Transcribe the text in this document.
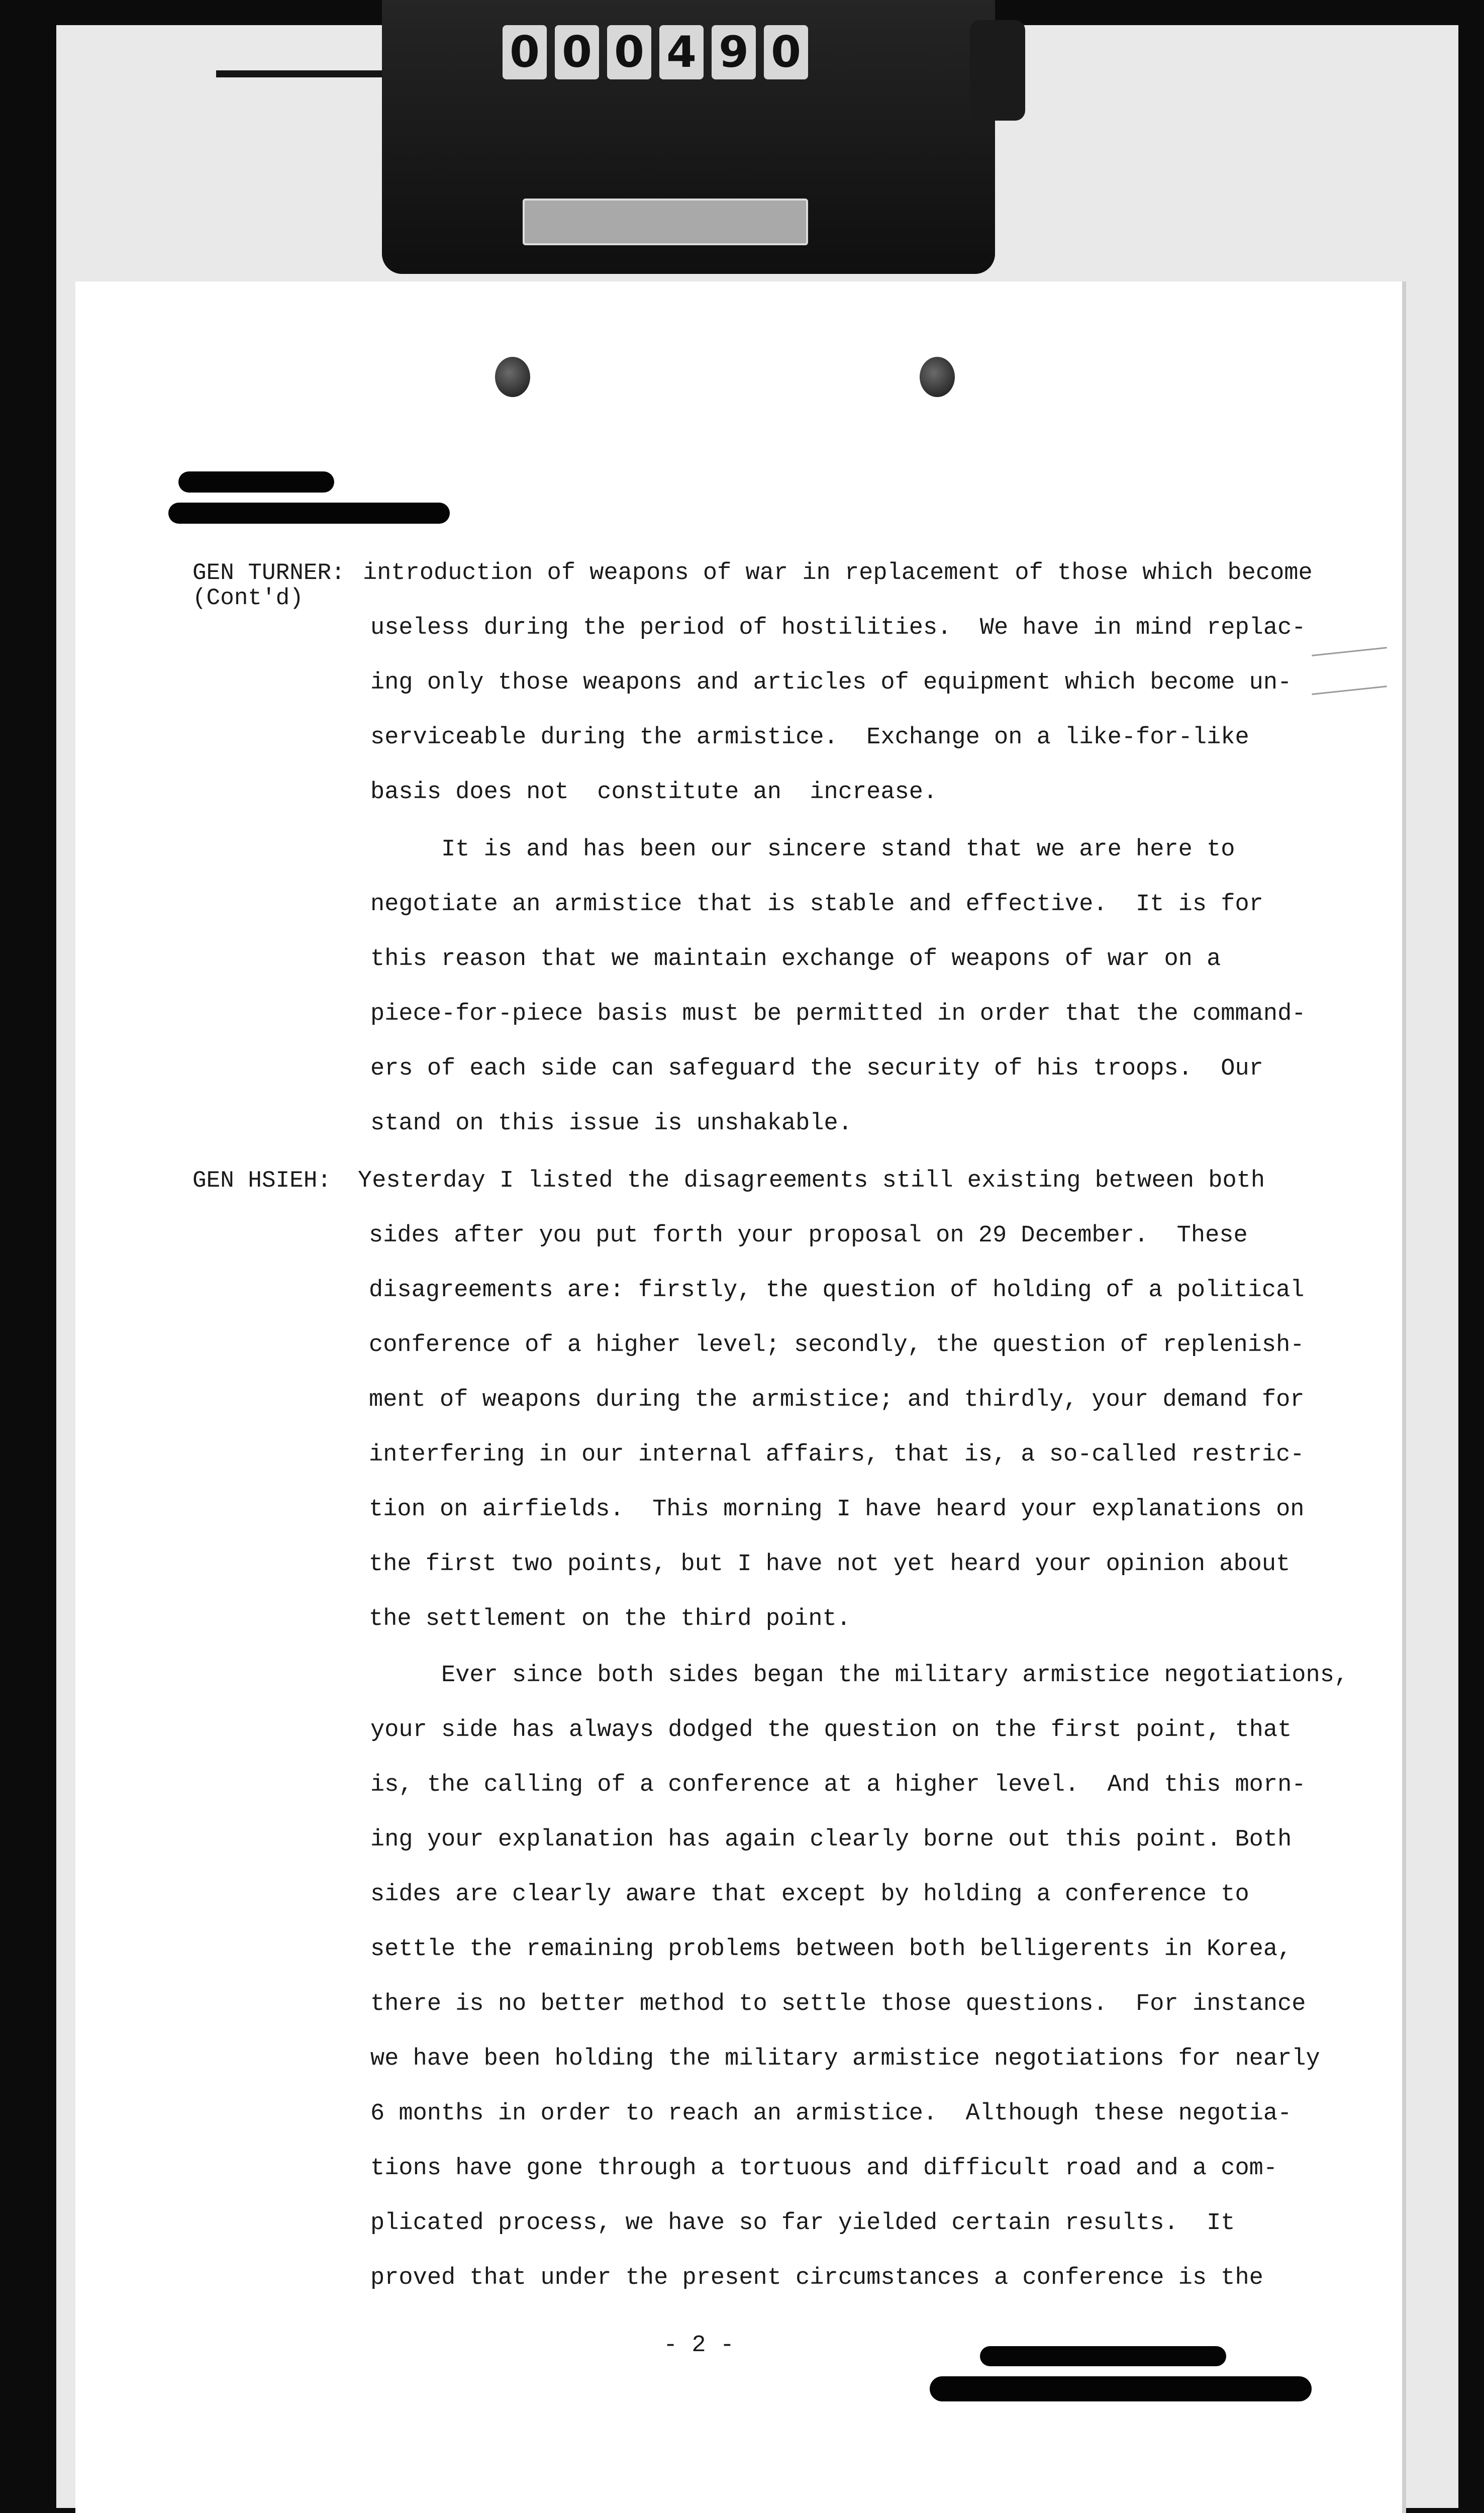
0 0 0 4 9 0
GEN TURNER:
(Cont'd)
GEN HSIEH:
introduction of weapons of war in replacement of those which become
useless during the period of hostilities.  We have in mind replac-
ing only those weapons and articles of equipment which become un-
serviceable during the armistice.  Exchange on a like-for-like
basis does not  constitute an  increase.
It is and has been our sincere stand that we are here to
negotiate an armistice that is stable and effective.  It is for
this reason that we maintain exchange of weapons of war on a
piece-for-piece basis must be permitted in order that the command-
ers of each side can safeguard the security of his troops.  Our
stand on this issue is unshakable.
Yesterday I listed the disagreements still existing between both
sides after you put forth your proposal on 29 December.  These
disagreements are: firstly, the question of holding of a political
conference of a higher level; secondly, the question of replenish-
ment of weapons during the armistice; and thirdly, your demand for
interfering in our internal affairs, that is, a so-called restric-
tion on airfields.  This morning I have heard your explanations on
the first two points, but I have not yet heard your opinion about
the settlement on the third point.
Ever since both sides began the military armistice negotiations,
your side has always dodged the question on the first point, that
is, the calling of a conference at a higher level.  And this morn-
ing your explanation has again clearly borne out this point. Both
sides are clearly aware that except by holding a conference to
settle the remaining problems between both belligerents in Korea,
there is no better method to settle those questions.  For instance
we have been holding the military armistice negotiations for nearly
6 months in order to reach an armistice.  Although these negotia-
tions have gone through a tortuous and difficult road and a com-
plicated process, we have so far yielded certain results.  It
proved that under the present circumstances a conference is the
- 2 -
